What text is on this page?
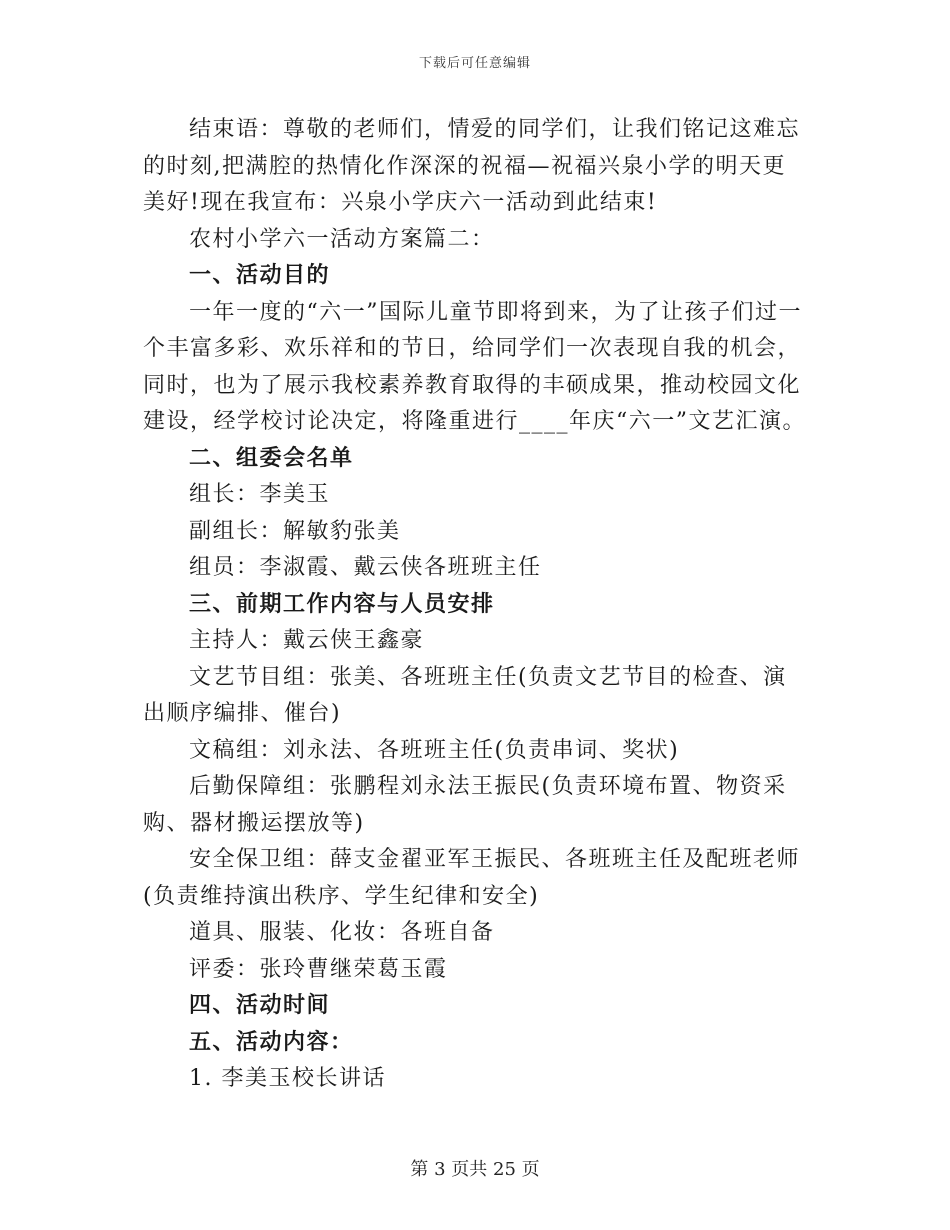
下载后可任意编辑

结束语：尊敬的老师们，情爱的同学们，让我们铭记这难忘的时刻,把满腔的热情化作深深的祝福—祝福兴泉小学的明天更美好!现在我宣布：兴泉小学庆六一活动到此结束!

农村小学六一活动方案篇二：

一、活动目的

一年一度的“六一”国际儿童节即将到来，为了让孩子们过一个丰富多彩、欢乐祥和的节日，给同学们一次表现自我的机会，同时，也为了展示我校素养教育取得的丰硕成果，推动校园文化建设，经学校讨论决定，将隆重进行____年庆“六一”文艺汇演。

二、组委会名单

组长：李美玉

副组长：解敏豹张美

组员：李淑霞、戴云侠各班班主任

三、前期工作内容与人员安排

主持人：戴云侠王鑫豪

文艺节目组：张美、各班班主任(负责文艺节目的检查、演出顺序编排、催台)

文稿组：刘永法、各班班主任(负责串词、奖状)

后勤保障组：张鹏程刘永法王振民(负责环境布置、物资采购、器材搬运摆放等)

安全保卫组：薛支金翟亚军王振民、各班班主任及配班老师(负责维持演出秩序、学生纪律和安全)

道具、服装、化妆：各班自备

评委：张玲曹继荣葛玉霞

四、活动时间

五、活动内容：

1. 李美玉校长讲话

第 3 页共 25 页
